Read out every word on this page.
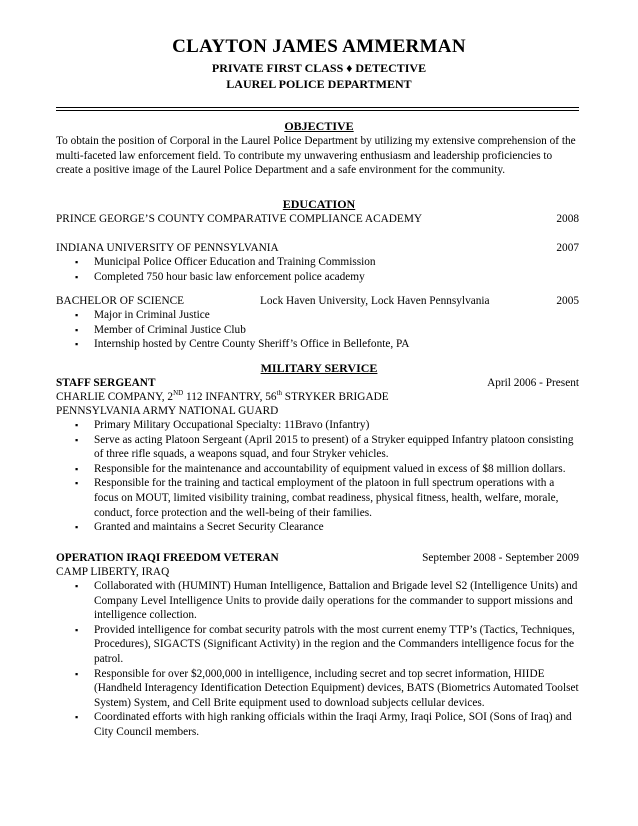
CLAYTON JAMES AMMERMAN
PRIVATE FIRST CLASS ♦ DETECTIVE
LAUREL POLICE DEPARTMENT
OBJECTIVE

To obtain the position of Corporal in the Laurel Police Department by utilizing my extensive comprehension of the multi-faceted law enforcement field. To contribute my unwavering enthusiasm and leadership proficiencies to create a positive image of the Laurel Police Department and a safe environment for the community.

EDUCATION
PRINCE GEORGE’S COUNTY COMPARATIVE COMPLIANCE ACADEMY	2008
INDIANA UNIVERSITY OF PENNSYLVANIA	2007
▪ Municipal Police Officer Education and Training Commission
▪ Completed 750 hour basic law enforcement police academy
BACHELOR OF SCIENCE	Lock Haven University, Lock Haven Pennsylvania	2005
▪ Major in Criminal Justice
▪ Member of Criminal Justice Club
▪ Internship hosted by Centre County Sheriff’s Office in Bellefonte, PA
MILITARY SERVICE
STAFF SERGEANT	April 2006 - Present
CHARLIE COMPANY, 2ND 112 INFANTRY, 56th STRYKER BRIGADE
PENNSYLVANIA ARMY NATIONAL GUARD
▪ Primary Military Occupational Specialty: 11Bravo (Infantry)
▪ Serve as acting Platoon Sergeant (April 2015 to present) of a Stryker equipped Infantry platoon consisting of three rifle squads, a weapons squad, and four Stryker vehicles.
▪ Responsible for the maintenance and accountability of equipment valued in excess of $8 million dollars.
▪ Responsible for the training and tactical employment of the platoon in full spectrum operations with a focus on MOUT, limited visibility training, combat readiness, physical fitness, health, welfare, morale, conduct, force protection and the well-being of their families.
▪ Granted and maintains a Secret Security Clearance
OPERATION IRAQI FREEDOM VETERAN	September 2008 - September 2009
CAMP LIBERTY, IRAQ
▪ Collaborated with (HUMINT) Human Intelligence, Battalion and Brigade level S2 (Intelligence Units) and Company Level Intelligence Units to provide daily operations for the commander to support missions and intelligence collection.
▪ Provided intelligence for combat security patrols with the most current enemy TTP’s (Tactics, Techniques, Procedures), SIGACTS (Significant Activity) in the region and the Commanders intelligence focus for the patrol.
▪ Responsible for over $2,000,000 in intelligence, including secret and top secret information, HIIDE (Handheld Interagency Identification Detection Equipment) devices, BATS (Biometrics Automated Toolset System) System, and Cell Brite equipment used to download subjects cellular devices.
▪ Coordinated efforts with high ranking officials within the Iraqi Army, Iraqi Police, SOI (Sons of Iraq) and City Council members.
